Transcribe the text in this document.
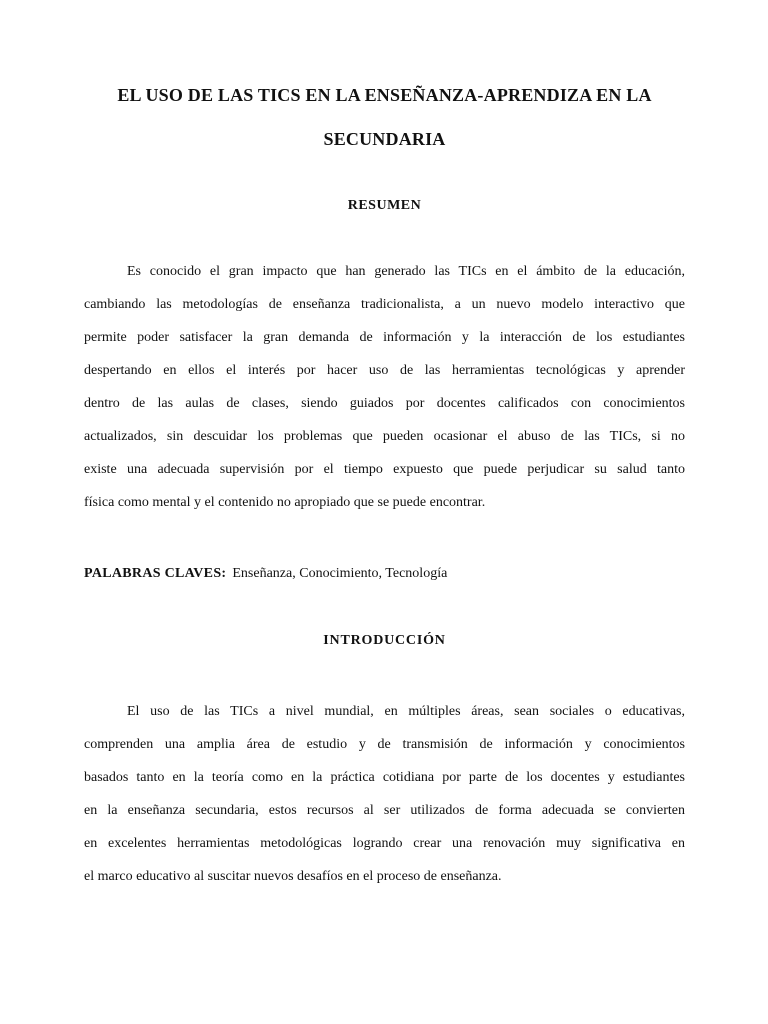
EL USO DE LAS TICS EN LA ENSEÑANZA-APRENDIZA EN LA
SECUNDARIA
RESUMEN
Es conocido el gran impacto que han generado las TICs en el ámbito de la educación,
cambiando las metodologías de enseñanza tradicionalista, a un nuevo modelo interactivo que
permite poder satisfacer la gran demanda de información y la interacción de los estudiantes
despertando en ellos el interés por hacer uso de las herramientas tecnológicas y aprender
dentro de las aulas de clases, siendo guiados por docentes calificados con conocimientos
actualizados, sin descuidar los problemas que pueden ocasionar el abuso de las TICs, si no
existe una adecuada supervisión por el tiempo expuesto que puede perjudicar su salud tanto
física como mental y el contenido no apropiado que se puede encontrar.
PALABRAS CLAVES: Enseñanza, Conocimiento, Tecnología
INTRODUCCIÓN
El uso de las TICs a nivel mundial, en múltiples áreas, sean sociales o educativas,
comprenden una amplia área de estudio y de transmisión de información y conocimientos
basados tanto en la teoría como en la práctica cotidiana por parte de los docentes y estudiantes
en la enseñanza secundaria, estos recursos al ser utilizados de forma adecuada se convierten
en excelentes herramientas metodológicas logrando crear una renovación muy significativa en
el marco educativo al suscitar nuevos desafíos en el proceso de enseñanza.
